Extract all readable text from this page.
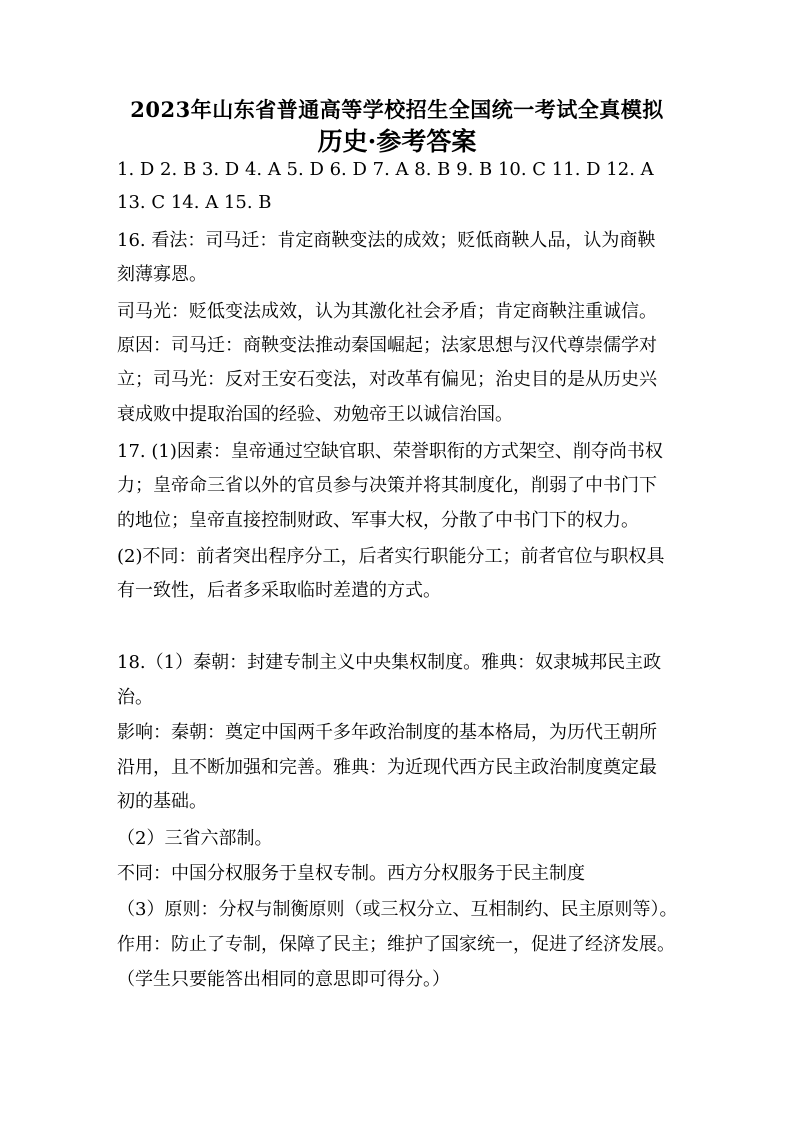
2023年山东省普通高等学校招生全国统一考试全真模拟
历史·参考答案
1. D 2. B 3. D 4. A 5. D 6. D 7. A 8. B 9. B 10. C 11. D 12. A
13. C 14. A 15. B
16. 看法：司马迁：肯定商鞅变法的成效；贬低商鞅人品，认为商鞅
刻薄寡恩。
司马光：贬低变法成效，认为其激化社会矛盾；肯定商鞅注重诚信。
原因：司马迁：商鞅变法推动秦国崛起；法家思想与汉代尊崇儒学对
立；司马光：反对王安石变法，对改革有偏见；治史目的是从历史兴
衰成败中提取治国的经验、劝勉帝王以诚信治国。
17. (1)因素：皇帝通过空缺官职、荣誉职衔的方式架空、削夺尚书权
力；皇帝命三省以外的官员参与决策并将其制度化，削弱了中书门下
的地位；皇帝直接控制财政、军事大权，分散了中书门下的权力。
(2)不同：前者突出程序分工，后者实行职能分工；前者官位与职权具
有一致性，后者多采取临时差遣的方式。
18.（1）秦朝：封建专制主义中央集权制度。雅典：奴隶城邦民主政
治。
影响：秦朝：奠定中国两千多年政治制度的基本格局，为历代王朝所
沿用，且不断加强和完善。雅典：为近现代西方民主政治制度奠定最
初的基础。
（2）三省六部制。
不同：中国分权服务于皇权专制。西方分权服务于民主制度
（3）原则：分权与制衡原则（或三权分立、互相制约、民主原则等）。
作用：防止了专制，保障了民主；维护了国家统一，促进了经济发展。
（学生只要能答出相同的意思即可得分。）
